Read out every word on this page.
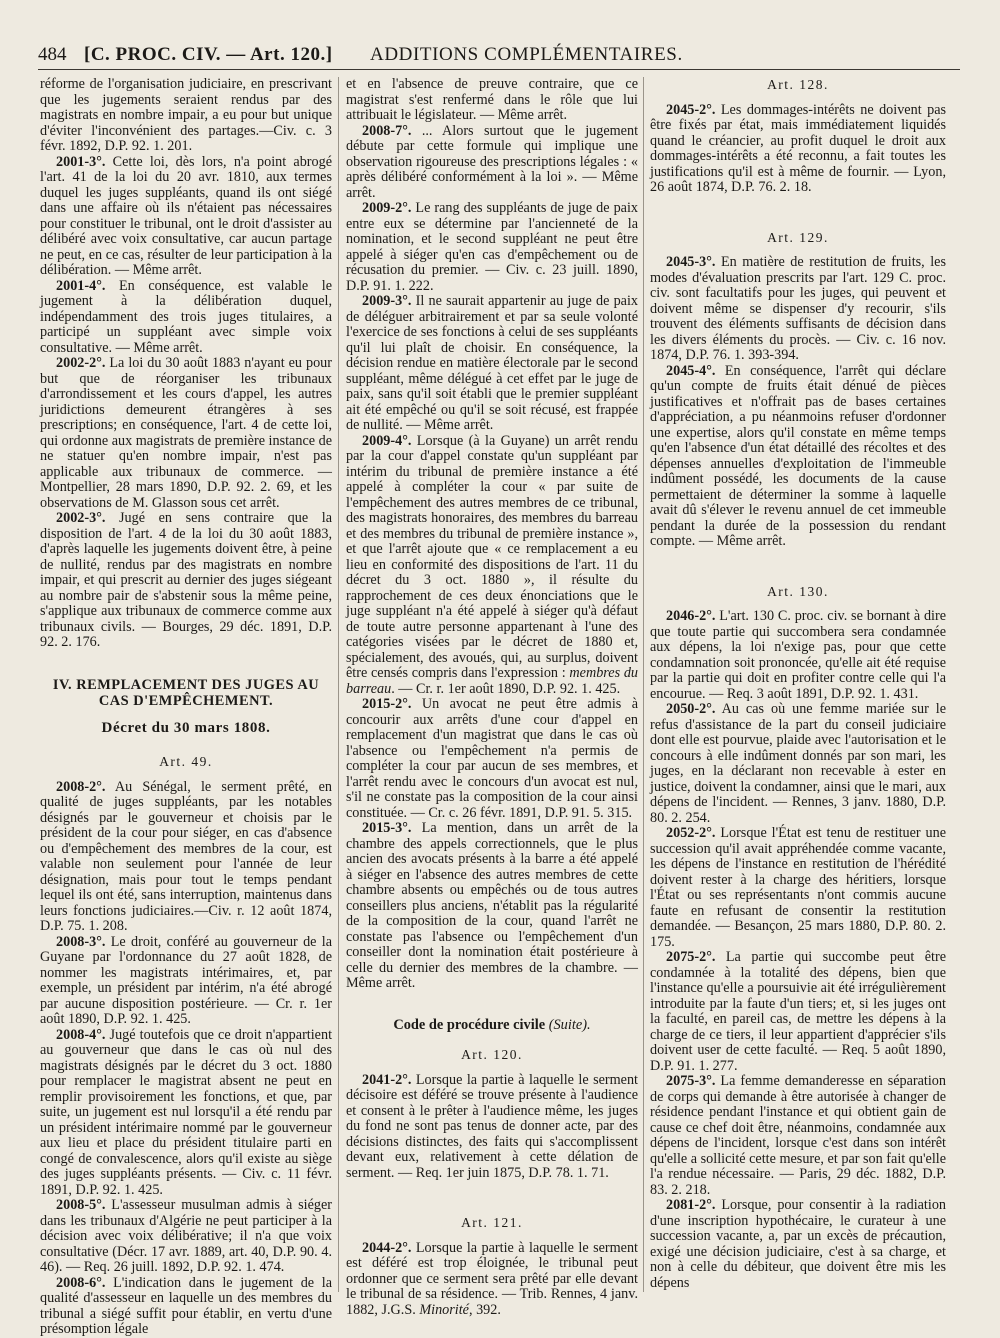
484 [C. PROC. CIV. — Art. 120.] ADDITIONS COMPLÉMENTAIRES.

réforme de l'organisation judiciaire, en prescrivant que les jugements seraient rendus par des magistrats en nombre impair, a eu pour but unique d'éviter l'inconvénient des partages.—Civ. c. 3 févr. 1892, D.P. 92. 1. 201.

2001-3°. Cette loi, dès lors, n'a point abrogé l'art. 41 de la loi du 20 avr. 1810, aux termes duquel les juges suppléants, quand ils ont siégé dans une affaire où ils n'étaient pas nécessaires pour constituer le tribunal, ont le droit d'assister au délibéré avec voix consultative, car aucun partage ne peut, en ce cas, résulter de leur participation à la délibération. — Même arrêt.

2001-4°. En conséquence, est valable le jugement à la délibération duquel, indépendamment des trois juges titulaires, a participé un suppléant avec simple voix consultative. — Même arrêt.

2002-2°. La loi du 30 août 1883 n'ayant eu pour but que de réorganiser les tribunaux d'arrondissement et les cours d'appel, les autres juridictions demeurent étrangères à ses prescriptions; en conséquence, l'art. 4 de cette loi, qui ordonne aux magistrats de première instance de ne statuer qu'en nombre impair, n'est pas applicable aux tribunaux de commerce. — Montpellier, 28 mars 1890, D.P. 92. 2. 69, et les observations de M. Glasson sous cet arrêt.

2002-3°. Jugé en sens contraire que la disposition de l'art. 4 de la loi du 30 août 1883, d'après laquelle les jugements doivent être, à peine de nullité, rendus par des magistrats en nombre impair, et qui prescrit au dernier des juges siégeant au nombre pair de s'abstenir sous la même peine, s'applique aux tribunaux de commerce comme aux tribunaux civils. — Bourges, 29 déc. 1891, D.P. 92. 2. 176.

IV. REMPLACEMENT DES JUGES AU CAS D'EMPÊCHEMENT.
Décret du 30 mars 1808.
Art. 49.

2008-2°. Au Sénégal, le serment prêté, en qualité de juges suppléants, par les notables désignés par le gouverneur et choisis par le président de la cour pour siéger, en cas d'absence ou d'empêchement des membres de la cour, est valable non seulement pour l'année de leur désignation, mais pour tout le temps pendant lequel ils ont été, sans interruption, maintenus dans leurs fonctions judiciaires.—Civ. r. 12 août 1874, D.P. 75. 1. 208.

2008-3°. Le droit, conféré au gouverneur de la Guyane par l'ordonnance du 27 août 1828, de nommer les magistrats intérimaires, et, par exemple, un président par intérim, n'a été abrogé par aucune disposition postérieure. — Cr. r. 1er août 1890, D.P. 92. 1. 425.

2008-4°. Jugé toutefois que ce droit n'appartient au gouverneur que dans le cas où nul des magistrats désignés par le décret du 3 oct. 1880 pour remplacer le magistrat absent ne peut en remplir provisoirement les fonctions, et que, par suite, un jugement est nul lorsqu'il a été rendu par un président intérimaire nommé par le gouverneur aux lieu et place du président titulaire parti en congé de convalescence, alors qu'il existe au siège des juges suppléants présents. — Civ. c. 11 févr. 1891, D.P. 92. 1. 425.

2008-5°. L'assesseur musulman admis à siéger dans les tribunaux d'Algérie ne peut participer à la décision avec voix délibérative; il n'a que voix consultative (Décr. 17 avr. 1889, art. 40, D.P. 90. 4. 46). — Req. 26 juill. 1892, D.P. 92. 1. 474.

2008-6°. L'indication dans le jugement de la qualité d'assesseur en laquelle un des membres du tribunal a siégé suffit pour établir, en vertu d'une présomption légale

et en l'absence de preuve contraire, que ce magistrat s'est renfermé dans le rôle que lui attribuait le législateur. — Même arrêt.

2008-7°. ... Alors surtout que le jugement débute par cette formule qui implique une observation rigoureuse des prescriptions légales : « après délibéré conformément à la loi ». — Même arrêt.

2009-2°. Le rang des suppléants de juge de paix entre eux se détermine par l'ancienneté de la nomination, et le second suppléant ne peut être appelé à siéger qu'en cas d'empêchement ou de récusation du premier. — Civ. c. 23 juill. 1890, D.P. 91. 1. 222.

2009-3°. Il ne saurait appartenir au juge de paix de déléguer arbitrairement et par sa seule volonté l'exercice de ses fonctions à celui de ses suppléants qu'il lui plaît de choisir. En conséquence, la décision rendue en matière électorale par le second suppléant, même délégué à cet effet par le juge de paix, sans qu'il soit établi que le premier suppléant ait été empêché ou qu'il se soit récusé, est frappée de nullité. — Même arrêt.

2009-4°. Lorsque (à la Guyane) un arrêt rendu par la cour d'appel constate qu'un suppléant par intérim du tribunal de première instance a été appelé à compléter la cour « par suite de l'empêchement des autres membres de ce tribunal, des magistrats honoraires, des membres du barreau et des membres du tribunal de première instance », et que l'arrêt ajoute que « ce remplacement a eu lieu en conformité des dispositions de l'art. 11 du décret du 3 oct. 1880 », il résulte du rapprochement de ces deux énonciations que le juge suppléant n'a été appelé à siéger qu'à défaut de toute autre personne appartenant à l'une des catégories visées par le décret de 1880 et, spécialement, des avoués, qui, au surplus, doivent être censés compris dans l'expression : membres du barreau. — Cr. r. 1er août 1890, D.P. 92. 1. 425.

2015-2°. Un avocat ne peut être admis à concourir aux arrêts d'une cour d'appel en remplacement d'un magistrat que dans le cas où l'absence ou l'empêchement n'a permis de compléter la cour par aucun de ses membres, et l'arrêt rendu avec le concours d'un avocat est nul, s'il ne constate pas la composition de la cour ainsi constituée. — Cr. c. 26 févr. 1891, D.P. 91. 5. 315.

2015-3°. La mention, dans un arrêt de la chambre des appels correctionnels, que le plus ancien des avocats présents à la barre a été appelé à siéger en l'absence des autres membres de cette chambre absents ou empêchés ou de tous autres conseillers plus anciens, n'établit pas la régularité de la composition de la cour, quand l'arrêt ne constate pas l'absence ou l'empêchement d'un conseiller dont la nomination était postérieure à celle du dernier des membres de la chambre. — Même arrêt.

Code de procédure civile (Suite).
Art. 120.

2041-2°. Lorsque la partie à laquelle le serment décisoire est déféré se trouve présente à l'audience et consent à le prêter à l'audience même, les juges du fond ne sont pas tenus de donner acte, par des décisions distinctes, des faits qui s'accomplissent devant eux, relativement à cette délation de serment. — Req. 1er juin 1875, D.P. 78. 1. 71.

Art. 121.

2044-2°. Lorsque la partie à laquelle le serment est déféré est trop éloignée, le tribunal peut ordonner que ce serment sera prêté par elle devant le tribunal de sa résidence. — Trib. Rennes, 4 janv. 1882, J.G.S. Minorité, 392.

Art. 128.

2045-2°. Les dommages-intérêts ne doivent pas être fixés par état, mais immédiatement liquidés quand le créancier, au profit duquel le droit aux dommages-intérêts a été reconnu, a fait toutes les justifications qu'il est à même de fournir. — Lyon, 26 août 1874, D.P. 76. 2. 18.

Art. 129.

2045-3°. En matière de restitution de fruits, les modes d'évaluation prescrits par l'art. 129 C. proc. civ. sont facultatifs pour les juges, qui peuvent et doivent même se dispenser d'y recourir, s'ils trouvent des éléments suffisants de décision dans les divers éléments du procès. — Civ. c. 16 nov. 1874, D.P. 76. 1. 393-394.

2045-4°. En conséquence, l'arrêt qui déclare qu'un compte de fruits était dénué de pièces justificatives et n'offrait pas de bases certaines d'appréciation, a pu néanmoins refuser d'ordonner une expertise, alors qu'il constate en même temps qu'en l'absence d'un état détaillé des récoltes et des dépenses annuelles d'exploitation de l'immeuble indûment possédé, les documents de la cause permettaient de déterminer la somme à laquelle avait dû s'élever le revenu annuel de cet immeuble pendant la durée de la possession du rendant compte. — Même arrêt.

Art. 130.

2046-2°. L'art. 130 C. proc. civ. se bornant à dire que toute partie qui succombera sera condamnée aux dépens, la loi n'exige pas, pour que cette condamnation soit prononcée, qu'elle ait été requise par la partie qui doit en profiter contre celle qui l'a encourue. — Req. 3 août 1891, D.P. 92. 1. 431.

2050-2°. Au cas où une femme mariée sur le refus d'assistance de la part du conseil judiciaire dont elle est pourvue, plaide avec l'autorisation et le concours à elle indûment donnés par son mari, les juges, en la déclarant non recevable à ester en justice, doivent la condamner, ainsi que le mari, aux dépens de l'incident. — Rennes, 3 janv. 1880, D.P. 80. 2. 254.

2052-2°. Lorsque l'État est tenu de restituer une succession qu'il avait appréhendée comme vacante, les dépens de l'instance en restitution de l'hérédité doivent rester à la charge des héritiers, lorsque l'État ou ses représentants n'ont commis aucune faute en refusant de consentir la restitution demandée. — Besançon, 25 mars 1880, D.P. 80. 2. 175.

2075-2°. La partie qui succombe peut être condamnée à la totalité des dépens, bien que l'instance qu'elle a poursuivie ait été irrégulièrement introduite par la faute d'un tiers; et, si les juges ont la faculté, en pareil cas, de mettre les dépens à la charge de ce tiers, il leur appartient d'apprécier s'ils doivent user de cette faculté. — Req. 5 août 1890, D.P. 91. 1. 277.

2075-3°. La femme demanderesse en séparation de corps qui demande à être autorisée à changer de résidence pendant l'instance et qui obtient gain de cause ce chef doit être, néanmoins, condamnée aux dépens de l'incident, lorsque c'est dans son intérêt qu'elle a sollicité cette mesure, et par son fait qu'elle l'a rendue nécessaire. — Paris, 29 déc. 1882, D.P. 83. 2. 218.

2081-2°. Lorsque, pour consentir à la radiation d'une inscription hypothécaire, le curateur à une succession vacante, a, par un excès de précaution, exigé une décision judiciaire, c'est à sa charge, et non à celle du débiteur, que doivent être mis les dépens
